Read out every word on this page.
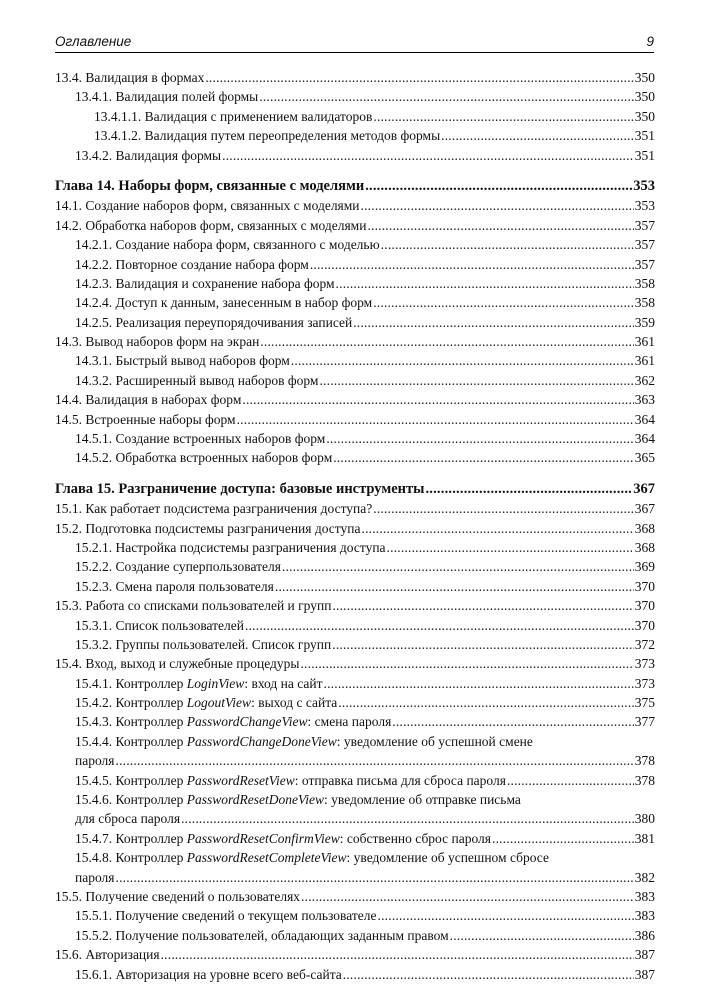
Оглавление	9
13.4. Валидация в формах .....	350
13.4.1. Валидация полей формы .....	350
13.4.1.1. Валидация с применением валидаторов .....	350
13.4.1.2. Валидация путем переопределения методов формы .....	351
13.4.2. Валидация формы .....	351
Глава 14. Наборы форм, связанные с моделями .....	353
14.1. Создание наборов форм, связанных с моделями .....	353
14.2. Обработка наборов форм, связанных с моделями .....	357
14.2.1. Создание набора форм, связанного с моделью .....	357
14.2.2. Повторное создание набора форм .....	357
14.2.3. Валидация и сохранение набора форм .....	358
14.2.4. Доступ к данным, занесенным в набор форм .....	358
14.2.5. Реализация переупорядочивания записей .....	359
14.3. Вывод наборов форм на экран .....	361
14.3.1. Быстрый вывод наборов форм .....	361
14.3.2. Расширенный вывод наборов форм .....	362
14.4. Валидация в наборах форм .....	363
14.5. Встроенные наборы форм .....	364
14.5.1. Создание встроенных наборов форм .....	364
14.5.2. Обработка встроенных наборов форм .....	365
Глава 15. Разграничение доступа: базовые инструменты .....	367
15.1. Как работает подсистема разграничения доступа? .....	367
15.2. Подготовка подсистемы разграничения доступа .....	368
15.2.1. Настройка подсистемы разграничения доступа .....	368
15.2.2. Создание суперпользователя .....	369
15.2.3. Смена пароля пользователя .....	370
15.3. Работа со списками пользователей и групп .....	370
15.3.1. Список пользователей .....	370
15.3.2. Группы пользователей. Список групп .....	372
15.4. Вход, выход и служебные процедуры .....	373
15.4.1. Контроллер LoginView: вход на сайт .....	373
15.4.2. Контроллер LogoutView: выход с сайта .....	375
15.4.3. Контроллер PasswordChangeView: смена пароля .....	377
15.4.4. Контроллер PasswordChangeDoneView: уведомление об успешной смене
пароля .....	378
15.4.5. Контроллер PasswordResetView: отправка письма для сброса пароля .....	378
15.4.6. Контроллер PasswordResetDoneView: уведомление об отправке письма
для сброса пароля .....	380
15.4.7. Контроллер PasswordResetConfirmView: собственно сброс пароля .....	381
15.4.8. Контроллер PasswordResetCompleteView: уведомление об успешном сбросе
пароля .....	382
15.5. Получение сведений о пользователях .....	383
15.5.1. Получение сведений о текущем пользователе .....	383
15.5.2. Получение пользователей, обладающих заданным правом .....	386
15.6. Авторизация .....	387
15.6.1. Авторизация на уровне всего веб-сайта .....	387
